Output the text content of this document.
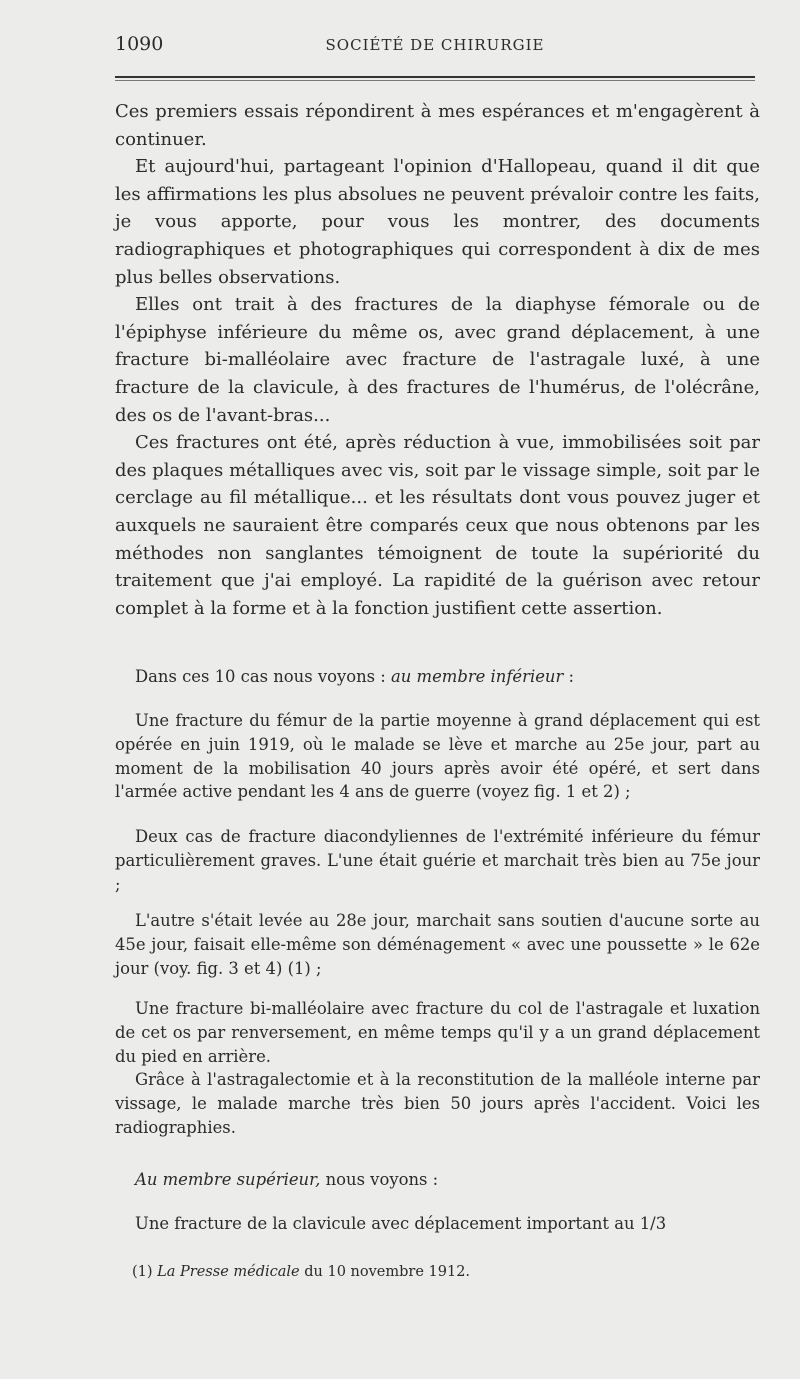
1090	SOCIÉTÉ DE CHIRURGIE

Ces premiers essais répondirent à mes espérances et m'engagèrent à continuer.

Et aujourd'hui, partageant l'opinion d'Hallopeau, quand il dit que les affirmations les plus absolues ne peuvent prévaloir contre les faits, je vous apporte, pour vous les montrer, des documents radiographiques et photographiques qui correspondent à dix de mes plus belles observations.

Elles ont trait à des fractures de la diaphyse fémorale ou de l'épiphyse inférieure du même os, avec grand déplacement, à une fracture bi-malléolaire avec fracture de l'astragale luxé, à une fracture de la clavicule, à des fractures de l'humérus, de l'olécrâne, des os de l'avant-bras...

Ces fractures ont été, après réduction à vue, immobilisées soit par des plaques métalliques avec vis, soit par le vissage simple, soit par le cerclage au fil métallique... et les résultats dont vous pouvez juger et auxquels ne sauraient être comparés ceux que nous obtenons par les méthodes non sanglantes témoignent de toute la supériorité du traitement que j'ai employé. La rapidité de la guérison avec retour complet à la forme et à la fonction justifient cette assertion.

Dans ces 10 cas nous voyons : au membre inférieur :

Une fracture du fémur de la partie moyenne à grand déplacement qui est opérée en juin 1919, où le malade se lève et marche au 25e jour, part au moment de la mobilisation 40 jours après avoir été opéré, et sert dans l'armée active pendant les 4 ans de guerre (voyez fig. 1 et 2) ;

Deux cas de fracture diacondyliennes de l'extrémité inférieure du fémur particulièrement graves. L'une était guérie et marchait très bien au 75e jour ;

L'autre s'était levée au 28e jour, marchait sans soutien d'aucune sorte au 45e jour, faisait elle-même son déménagement « avec une poussette » le 62e jour (voy. fig. 3 et 4) (1) ;

Une fracture bi-malléolaire avec fracture du col de l'astragale et luxation de cet os par renversement, en même temps qu'il y a un grand déplacement du pied en arrière.

Grâce à l'astragalectomie et à la reconstitution de la malléole interne par vissage, le malade marche très bien 50 jours après l'accident. Voici les radiographies.

Au membre supérieur, nous voyons :

Une fracture de la clavicule avec déplacement important au 1/3

(1) La Presse médicale du 10 novembre 1912.
